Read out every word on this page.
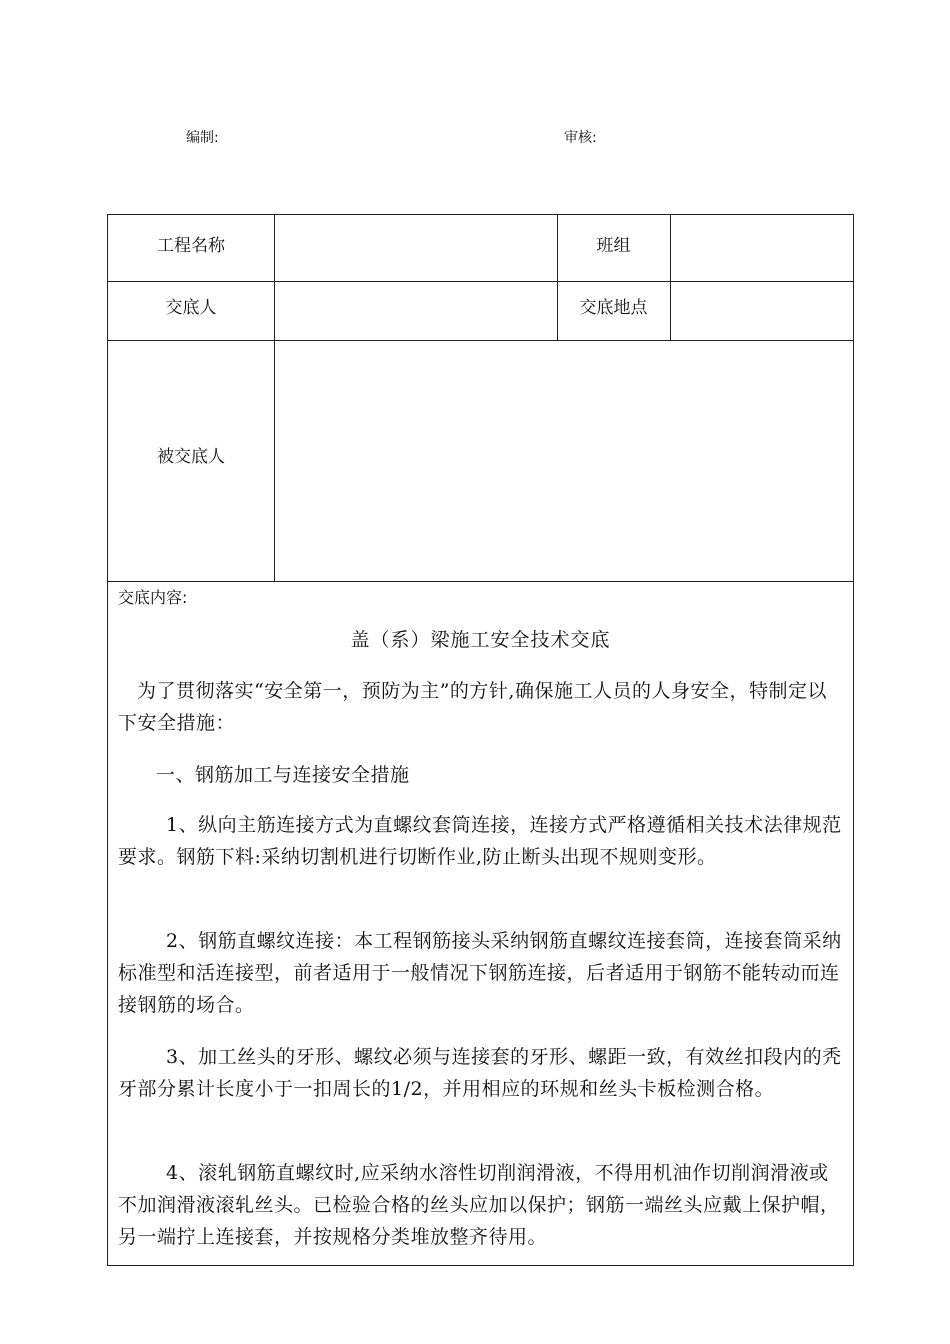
编制:	审核:
工程名称	班组
交底人	交底地点
被交底人
交底内容:
盖（系）梁施工安全技术交底
为了贯彻落实“安全第一，预防为主”的方针,确保施工人员的人身安全，特制定以下安全措施：
一、钢筋加工与连接安全措施
1、纵向主筋连接方式为直螺纹套筒连接，连接方式严格遵循相关技术法律规范要求。钢筋下料:采纳切割机进行切断作业,防止断头出现不规则变形。
2、钢筋直螺纹连接：本工程钢筋接头采纳钢筋直螺纹连接套筒，连接套筒采纳标准型和活连接型，前者适用于一般情况下钢筋连接，后者适用于钢筋不能转动而连接钢筋的场合。
3、加工丝头的牙形、螺纹必须与连接套的牙形、螺距一致，有效丝扣段内的秃牙部分累计长度小于一扣周长的1/2，并用相应的环规和丝头卡板检测合格。
4、滚轧钢筋直螺纹时,应采纳水溶性切削润滑液，不得用机油作切削润滑液或不加润滑液滚轧丝头。已检验合格的丝头应加以保护；钢筋一端丝头应戴上保护帽，另一端拧上连接套，并按规格分类堆放整齐待用。
